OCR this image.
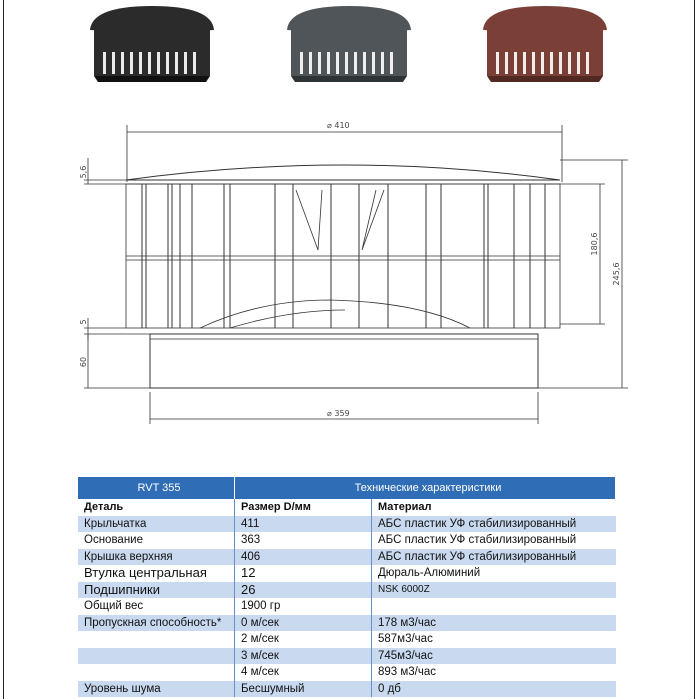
⌀ 410
⌀ 359
5,6
5
60
180,6
245,6
RVT 355	Технические характеристики	
Деталь	Размер D/мм	Материал
Крыльчатка	411	АБС пластик УФ стабилизированный
Основание	363	АБС пластик УФ стабилизированный
Крышка верхняя	406	АБС пластик УФ стабилизированный
Втулка центральная	12	Дюраль-Алюминий
Подшипники	26	NSK 6000Z
Общий вес	1900 гр	
Пропускная способность*	0 м/сек	178 м3/час
	2 м/сек	587м3/час
	3 м/сек	745м3/час
	4 м/сек	893 м3/час
Уровень шума	Бесшумный	0 дб
